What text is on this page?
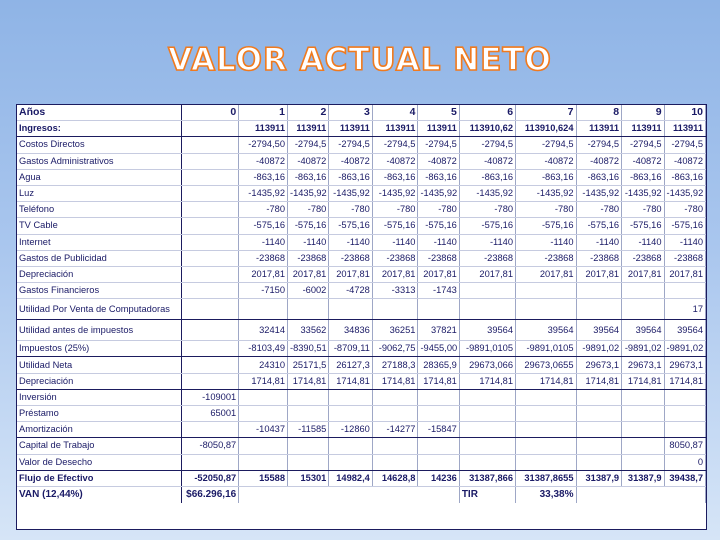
VALOR ACTUAL NETO
Años	0	1	2	3	4	5	6	7	8	9	10
Ingresos:		113911	113911	113911	113911	113911	113910,62	113910,624	113911	113911	113911
Costos Directos		-2794,50	-2794,5	-2794,5	-2794,5	-2794,5	-2794,5	-2794,5	-2794,5	-2794,5	-2794,5
Gastos Administrativos		-40872	-40872	-40872	-40872	-40872	-40872	-40872	-40872	-40872	-40872
Agua		-863,16	-863,16	-863,16	-863,16	-863,16	-863,16	-863,16	-863,16	-863,16	-863,16
Luz		-1435,92	-1435,92	-1435,92	-1435,92	-1435,92	-1435,92	-1435,92	-1435,92	-1435,92	-1435,92
Teléfono		-780	-780	-780	-780	-780	-780	-780	-780	-780	-780
TV Cable		-575,16	-575,16	-575,16	-575,16	-575,16	-575,16	-575,16	-575,16	-575,16	-575,16
Internet		-1140	-1140	-1140	-1140	-1140	-1140	-1140	-1140	-1140	-1140
Gastos de Publicidad		-23868	-23868	-23868	-23868	-23868	-23868	-23868	-23868	-23868	-23868
Depreciación		2017,81	2017,81	2017,81	2017,81	2017,81	2017,81	2017,81	2017,81	2017,81	2017,81
Gastos Financieros		-7150	-6002	-4728	-3313	-1743					
Utilidad Por Venta de Computadoras											17
Utilidad antes de impuestos		32414	33562	34836	36251	37821	39564	39564	39564	39564	39564
Impuestos (25%)		-8103,49	-8390,51	-8709,11	-9062,75	-9455,00	-9891,0105	-9891,0105	-9891,02	-9891,02	-9891,02
Utilidad Neta		24310	25171,5	26127,3	27188,3	28365,9	29673,066	29673,0655	29673,1	29673,1	29673,1
Depreciación		1714,81	1714,81	1714,81	1714,81	1714,81	1714,81	1714,81	1714,81	1714,81	1714,81
Inversión	-109001										
Préstamo	65001										
Amortización		-10437	-11585	-12860	-14277	-15847					
Capital de Trabajo	-8050,87										8050,87
Valor de Desecho											0
Flujo de Efectivo	-52050,87	15588	15301	14982,4	14628,8	14236	31387,866	31387,8655	31387,9	31387,9	39438,7
VAN (12,44%)	$66.296,16						TIR	33,38%			
